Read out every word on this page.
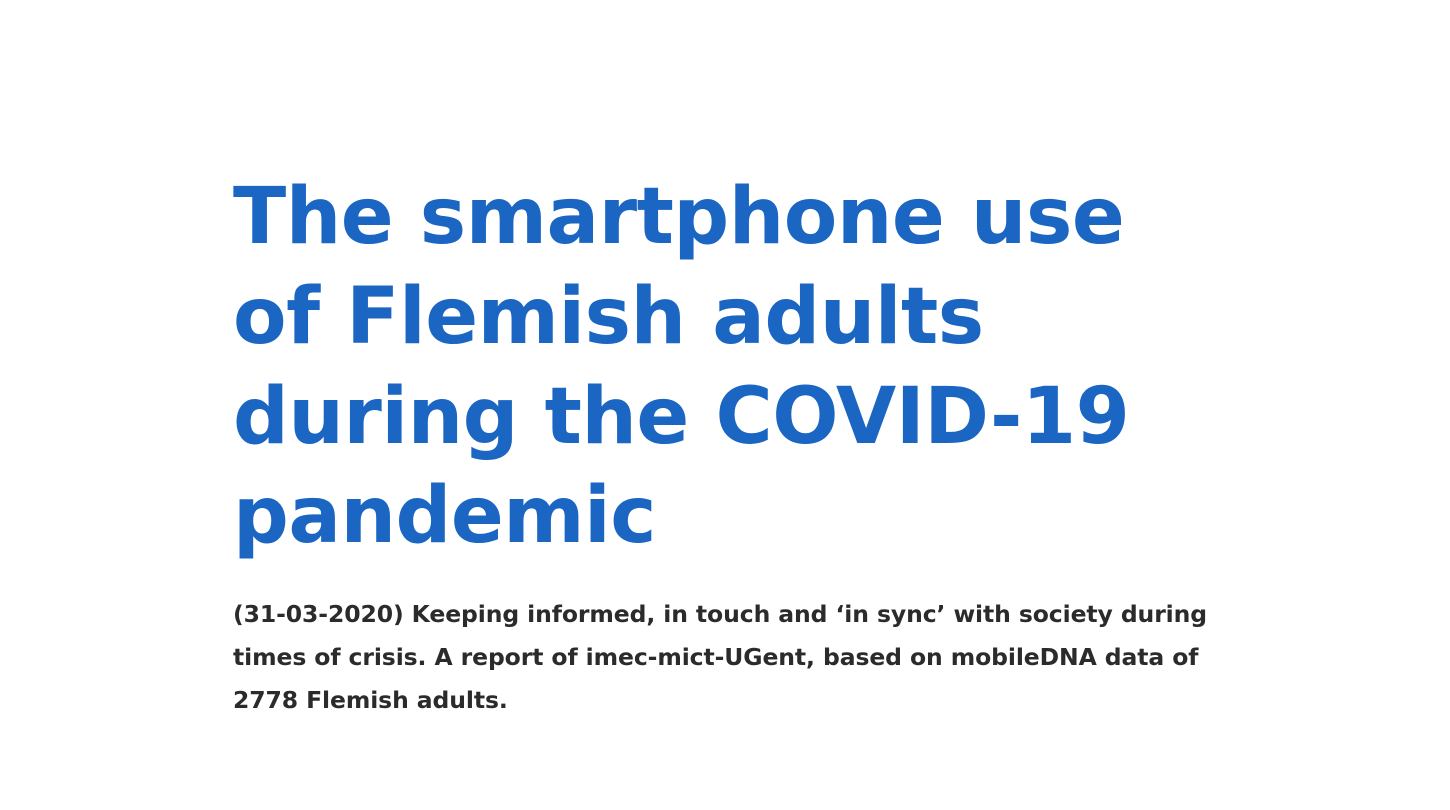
The smartphone use of Flemish adults during the COVID-19 pandemic

(31-03-2020) Keeping informed, in touch and ‘in sync’ with society during times of crisis. A report of imec-mict-UGent, based on mobileDNA data of 2778 Flemish adults.
